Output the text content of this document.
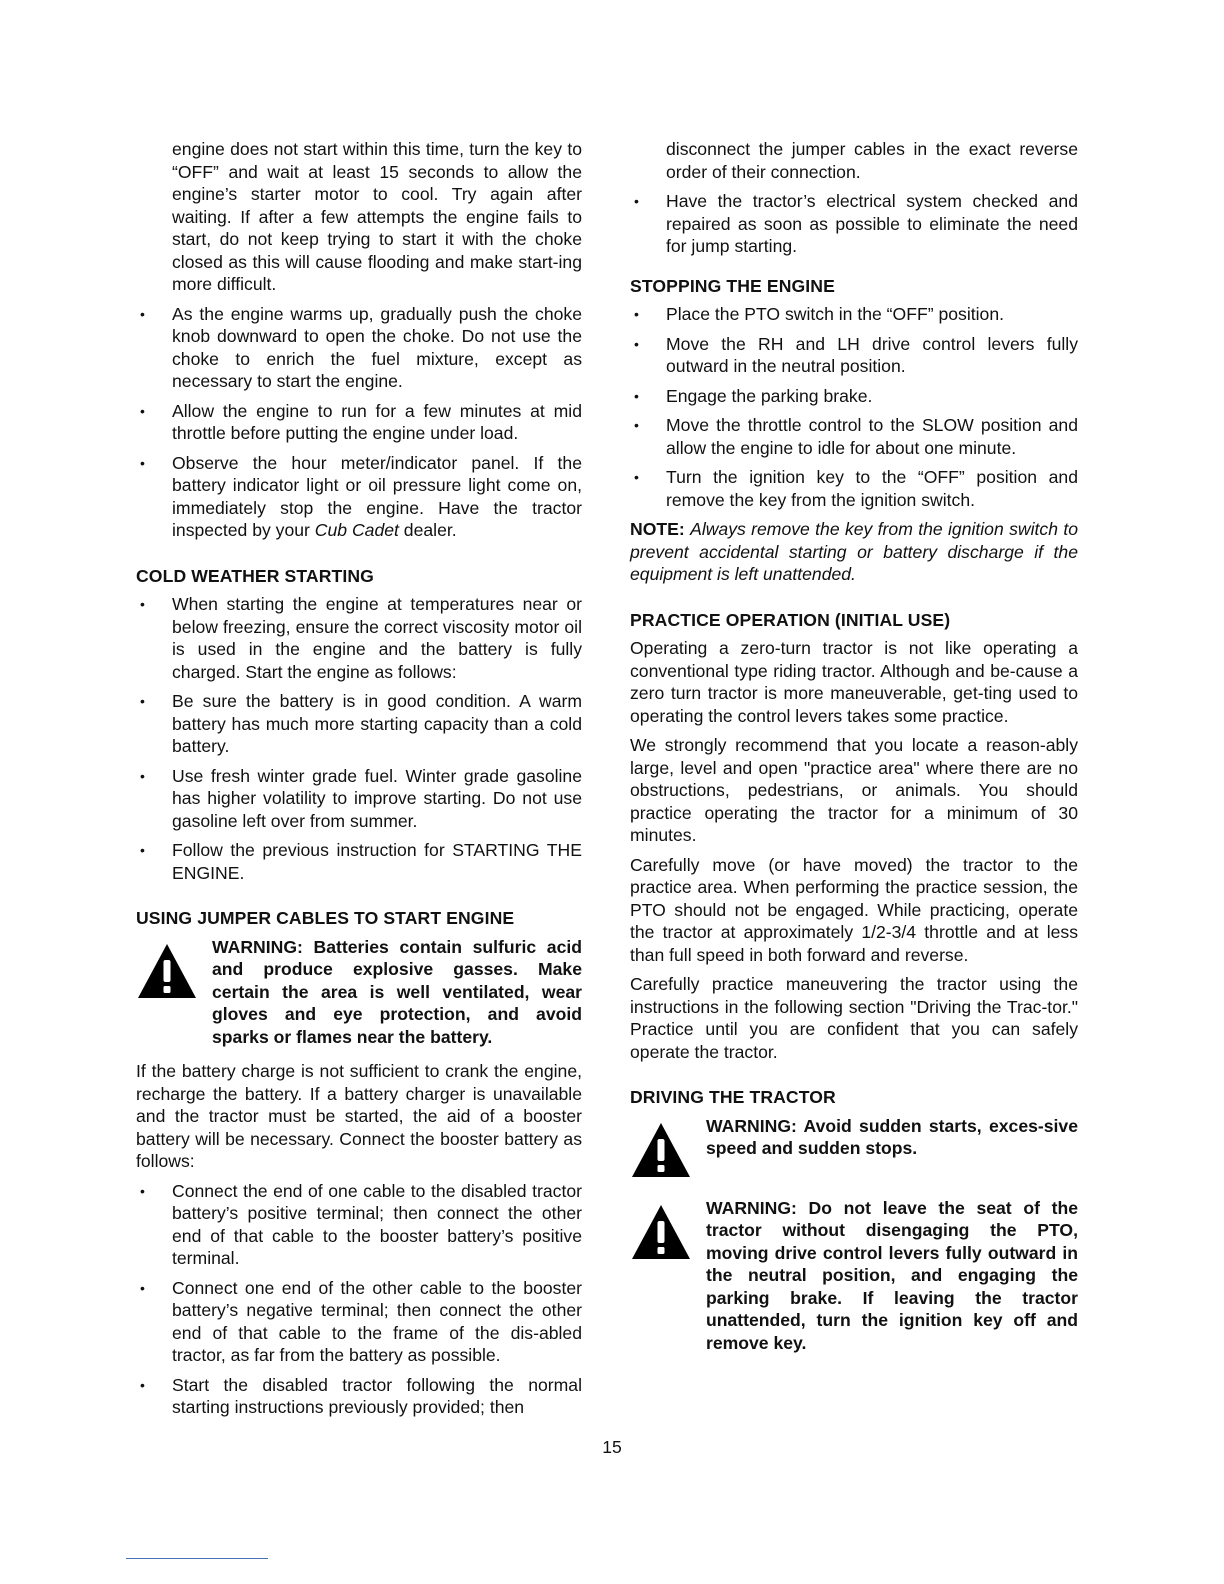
engine does not start within this time, turn the key to “OFF” and wait at least 15 seconds to allow the engine’s starter motor to cool. Try again after waiting. If after a few attempts the engine fails to start, do not keep trying to start it with the choke closed as this will cause flooding and make start-ing more difficult.

• As the engine warms up, gradually push the choke knob downward to open the choke. Do not use the choke to enrich the fuel mixture, except as necessary to start the engine.
• Allow the engine to run for a few minutes at mid throttle before putting the engine under load.
• Observe the hour meter/indicator panel. If the battery indicator light or oil pressure light come on, immediately stop the engine. Have the tractor inspected by your Cub Cadet dealer.
COLD WEATHER STARTING
• When starting the engine at temperatures near or below freezing, ensure the correct viscosity motor oil is used in the engine and the battery is fully charged. Start the engine as follows:
• Be sure the battery is in good condition. A warm battery has much more starting capacity than a cold battery.
• Use fresh winter grade fuel. Winter grade gasoline has higher volatility to improve starting. Do not use gasoline left over from summer.
• Follow the previous instruction for STARTING THE ENGINE.
USING JUMPER CABLES TO START ENGINE
WARNING: Batteries contain sulfuric acid and produce explosive gasses. Make certain the area is well ventilated, wear gloves and eye protection, and avoid sparks or flames near the battery.

If the battery charge is not sufficient to crank the engine, recharge the battery. If a battery charger is unavailable and the tractor must be started, the aid of a booster battery will be necessary. Connect the booster battery as follows:

• Connect the end of one cable to the disabled tractor battery’s positive terminal; then connect the other end of that cable to the booster battery’s positive terminal.
• Connect one end of the other cable to the booster battery’s negative terminal; then connect the other end of that cable to the frame of the dis-abled tractor, as far from the battery as possible.
• Start the disabled tractor following the normal starting instructions previously provided; then

disconnect the jumper cables in the exact reverse order of their connection.

• Have the tractor’s electrical system checked and repaired as soon as possible to eliminate the need for jump starting.
STOPPING THE ENGINE
• Place the PTO switch in the “OFF” position.
• Move the RH and LH drive control levers fully outward in the neutral position.
• Engage the parking brake.
• Move the throttle control to the SLOW position and allow the engine to idle for about one minute.
• Turn the ignition key to the “OFF” position and remove the key from the ignition switch.

NOTE: Always remove the key from the ignition switch to prevent accidental starting or battery discharge if the equipment is left unattended.

PRACTICE OPERATION (INITIAL USE)

Operating a zero-turn tractor is not like operating a conventional type riding tractor. Although and be-cause a zero turn tractor is more maneuverable, get-ting used to operating the control levers takes some practice.

We strongly recommend that you locate a reason-ably large, level and open "practice area" where there are no obstructions, pedestrians, or animals. You should practice operating the tractor for a minimum of 30 minutes.

Carefully move (or have moved) the tractor to the practice area. When performing the practice session, the PTO should not be engaged. While practicing, operate the tractor at approximately 1/2-3/4 throttle and at less than full speed in both forward and reverse.

Carefully practice maneuvering the tractor using the instructions in the following section "Driving the Trac-tor." Practice until you are confident that you can safely operate the tractor.

DRIVING THE TRACTOR
WARNING: Avoid sudden starts, exces-sive speed and sudden stops.
WARNING: Do not leave the seat of the tractor without disengaging the PTO, moving drive control levers fully outward in the neutral position, and engaging the parking brake. If leaving the tractor unattended, turn the ignition key off and remove key.
15
